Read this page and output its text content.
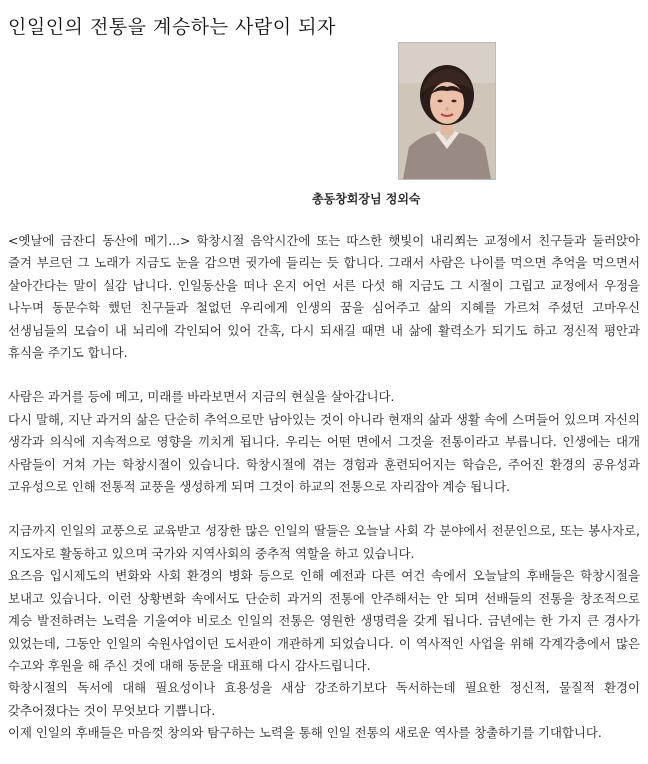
인일인의 전통을 계승하는 사람이 되자
총동창회장님 정외숙

<옛날에 금잔디 동산에 메기...> 학창시절 음악시간에 또는 따스한 햇빛이 내리쬐는 교정에서 친구들과 둘러앉아 즐겨 부르던 그 노래가 지금도 눈을 감으면 귓가에 들리는 듯 합니다. 그래서 사람은 나이를 먹으면 추억을 먹으면서 살아간다는 말이 실감 납니다. 인일동산을 떠나 온지 어언 서른 다섯 해 지금도 그 시절이 그립고 교정에서 우정을 나누며 동문수학 했던 친구들과 철없던 우리에게 인생의 꿈을 심어주고 삶의 지혜를 가르쳐 주셨던 고마우신 선생님들의 모습이 내 뇌리에 각인되어 있어 간혹, 다시 되새길 때면 내 삶에 활력소가 되기도 하고 정신적 평안과 휴식을 주기도 합니다.

사람은 과거를 등에 메고, 미래를 바라보면서 지금의 현실을 살아갑니다.

다시 말해, 지난 과거의 삶은 단순히 추억으로만 남아있는 것이 아니라 현재의 삶과 생활 속에 스며들어 있으며 자신의 생각과 의식에 지속적으로 영향을 끼치게 됩니다. 우리는 어떤 면에서 그것을 전통이라고 부릅니다. 인생에는 대개 사람들이 거쳐 가는 학창시절이 있습니다. 학창시절에 겪는 경험과 훈련되어지는 학습은, 주어진 환경의 공유성과 고유성으로 인해 전통적 교풍을 생성하게 되며 그것이 하교의 전통으로 자리잡아 계승 됩니다.

지금까지 인일의 교풍으로 교육받고 성장한 많은 인일의 딸들은 오늘날 사회 각 분야에서 전문인으로, 또는 봉사자로, 지도자로 활동하고 있으며 국가와 지역사회의 중추적 역할을 하고 있습니다.

요즈음 입시제도의 변화와 사회 환경의 병화 등으로 인해 예전과 다른 여건 속에서 오늘날의 후배들은 학창시절을 보내고 있습니다. 이런 상황변화 속에서도 단순히 과거의 전통에 안주해서는 안 되며 선배들의 전통을 창조적으로 계승 발전하려는 노력을 기울여야 비로소 인일의 전통은 영원한 생명력을 갖게 됩니다. 금년에는 한 가지 큰 경사가 있었는데, 그동안 인일의 숙원사업이던 도서관이 개관하게 되었습니다. 이 역사적인 사업을 위해 각계각층에서 많은 수고와 후원을 해 주신 것에 대해 동문을 대표해 다시 감사드립니다.

학창시절의 독서에 대해 필요성이나 효용성을 새삼 강조하기보다 독서하는데 필요한 정신적, 물질적 환경이 갖추어졌다는 것이 무엇보다 기쁩니다.

이제 인일의 후배들은 마음껏 창의와 탐구하는 노력을 통해 인일 전통의 새로운 역사를 창출하기를 기대합니다.
